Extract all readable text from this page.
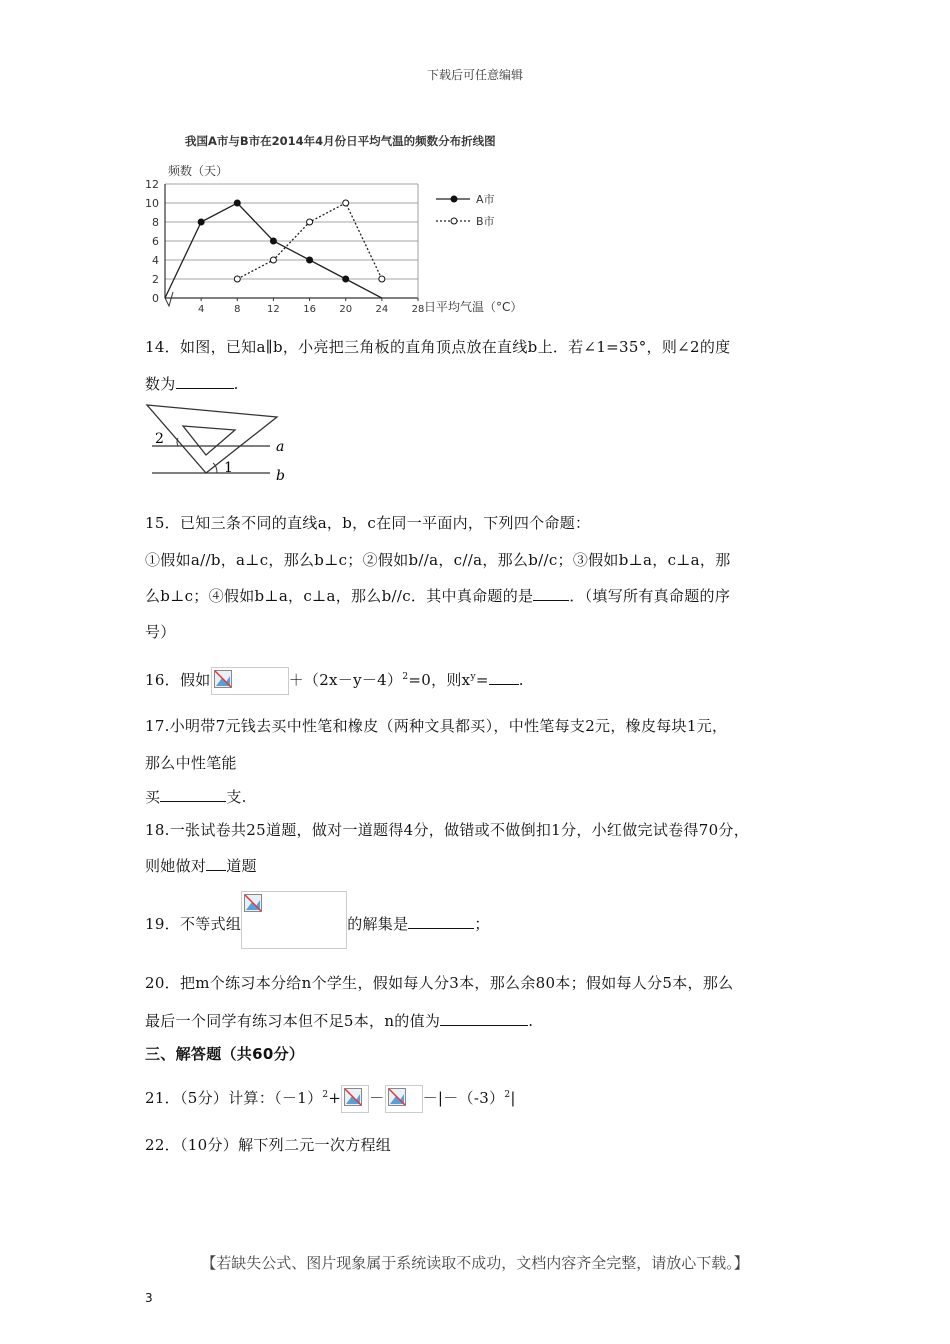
下载后可任意编辑
我国A市与B市在2014年4月份日平均气温的频数分布折线图
频数（天）
12
10
8
6
4
2
0
4	8	12 16 20 24 28 日平均气温（°C）
A市
B市
14．如图，已知a∥b，小亮把三角板的直角顶点放在直线b上．若∠1=35°，则∠2的度
数为	.
2
1
a
b
15．已知三条不同的直线a，b，c在同一平面内，下列四个命题：
①假如a//b，a⊥c，那么b⊥c；②假如b//a，c//a，那么b//c；③假如b⊥a，c⊥a，那
么b⊥c；④假如b⊥a，c⊥a，那么b//c．其中真命题的是 ．（填写所有真命题的序
号）
16．假如	$+(2x-y-4)^2=0$，则$x^y=$ .
17.小明带7元钱去买中性笔和橡皮（两种文具都买），中性笔每支2元，橡皮每块1元，
那么中性笔能
买	支.
18.一张试卷共25道题，做对一道题得4分，做错或不做倒扣1分，小红做完试卷得70分，
则她做对 道题
19．不等式组	的解集是	；
20．把m个练习本分给n个学生，假如每人分3本，那么余80本；假如每人分5本，那么
最后一个同学有练习本但不足5本，n的值为	.
三、解答题（共60分）
21．（5分）计算：$(-1)^2+$ －	$-|-(-3)^2|$
22．（10分）解下列二元一次方程组
【若缺失公式、图片现象属于系统读取不成功，文档内容齐全完整，请放心下载。】
3
